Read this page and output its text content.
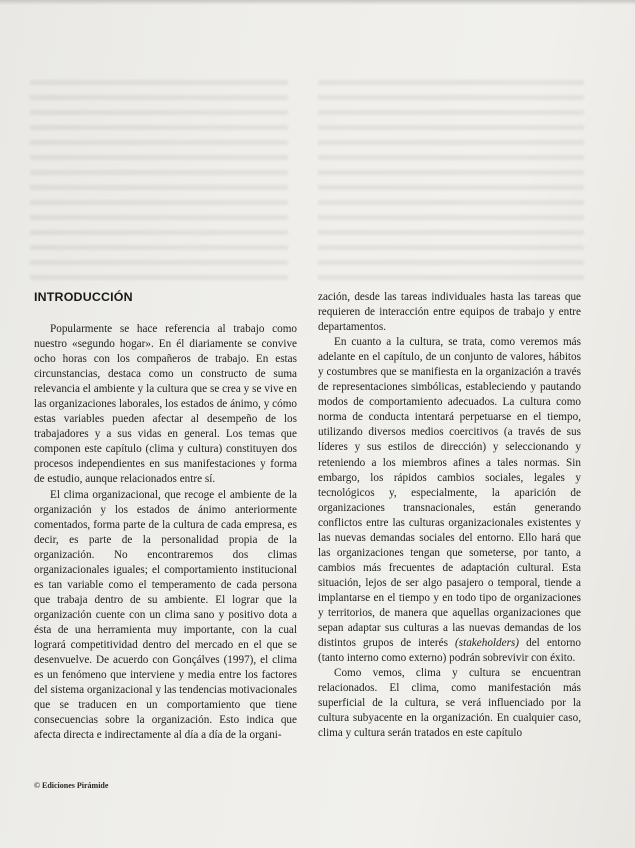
INTRODUCCIÓN

Popularmente se hace referencia al trabajo como nuestro «segundo hogar». En él diariamente se convive ocho horas con los compañeros de trabajo. En estas circunstancias, destaca como un constructo de suma relevancia el ambiente y la cultura que se crea y se vive en las organizaciones laborales, los estados de ánimo, y cómo estas variables pueden afectar al desempeño de los trabajadores y a sus vidas en general. Los temas que componen este capítulo (clima y cultura) constituyen dos procesos independientes en sus manifestaciones y forma de estudio, aunque relacionados entre sí.

El clima organizacional, que recoge el ambiente de la organización y los estados de ánimo anteriormente comentados, forma parte de la cultura de cada empresa, es decir, es parte de la personalidad propia de la organización. No encontraremos dos climas organizacionales iguales; el comportamiento institucional es tan variable como el temperamento de cada persona que trabaja dentro de su ambiente. El lograr que la organización cuente con un clima sano y positivo dota a ésta de una herramienta muy importante, con la cual logrará competitividad dentro del mercado en el que se desenvuelve. De acuerdo con Gonçálves (1997), el clima es un fenómeno que interviene y media entre los factores del sistema organizacional y las tendencias motivacionales que se traducen en un comportamiento que tiene consecuencias sobre la organización. Esto indica que afecta directa e indirectamente al día a día de la organi-

zación, desde las tareas individuales hasta las tareas que requieren de interacción entre equipos de trabajo y entre departamentos.

En cuanto a la cultura, se trata, como veremos más adelante en el capítulo, de un conjunto de valores, hábitos y costumbres que se manifiesta en la organización a través de representaciones simbólicas, estableciendo y pautando modos de comportamiento adecuados. La cultura como norma de conducta intentará perpetuarse en el tiempo, utilizando diversos medios coercitivos (a través de sus líderes y sus estilos de dirección) y seleccionando y reteniendo a los miembros afines a tales normas. Sin embargo, los rápidos cambios sociales, legales y tecnológicos y, especialmente, la aparición de organizaciones transnacionales, están generando conflictos entre las culturas organizacionales existentes y las nuevas demandas sociales del entorno. Ello hará que las organizaciones tengan que someterse, por tanto, a cambios más frecuentes de adaptación cultural. Esta situación, lejos de ser algo pasajero o temporal, tiende a implantarse en el tiempo y en todo tipo de organizaciones y territorios, de manera que aquellas organizaciones que sepan adaptar sus culturas a las nuevas demandas de los distintos grupos de interés (stakeholders) del entorno (tanto interno como externo) podrán sobrevivir con éxito.

Como vemos, clima y cultura se encuentran relacionados. El clima, como manifestación más superficial de la cultura, se verá influenciado por la cultura subyacente en la organización. En cualquier caso, clima y cultura serán tratados en este capítulo

© Ediciones Pirámide
